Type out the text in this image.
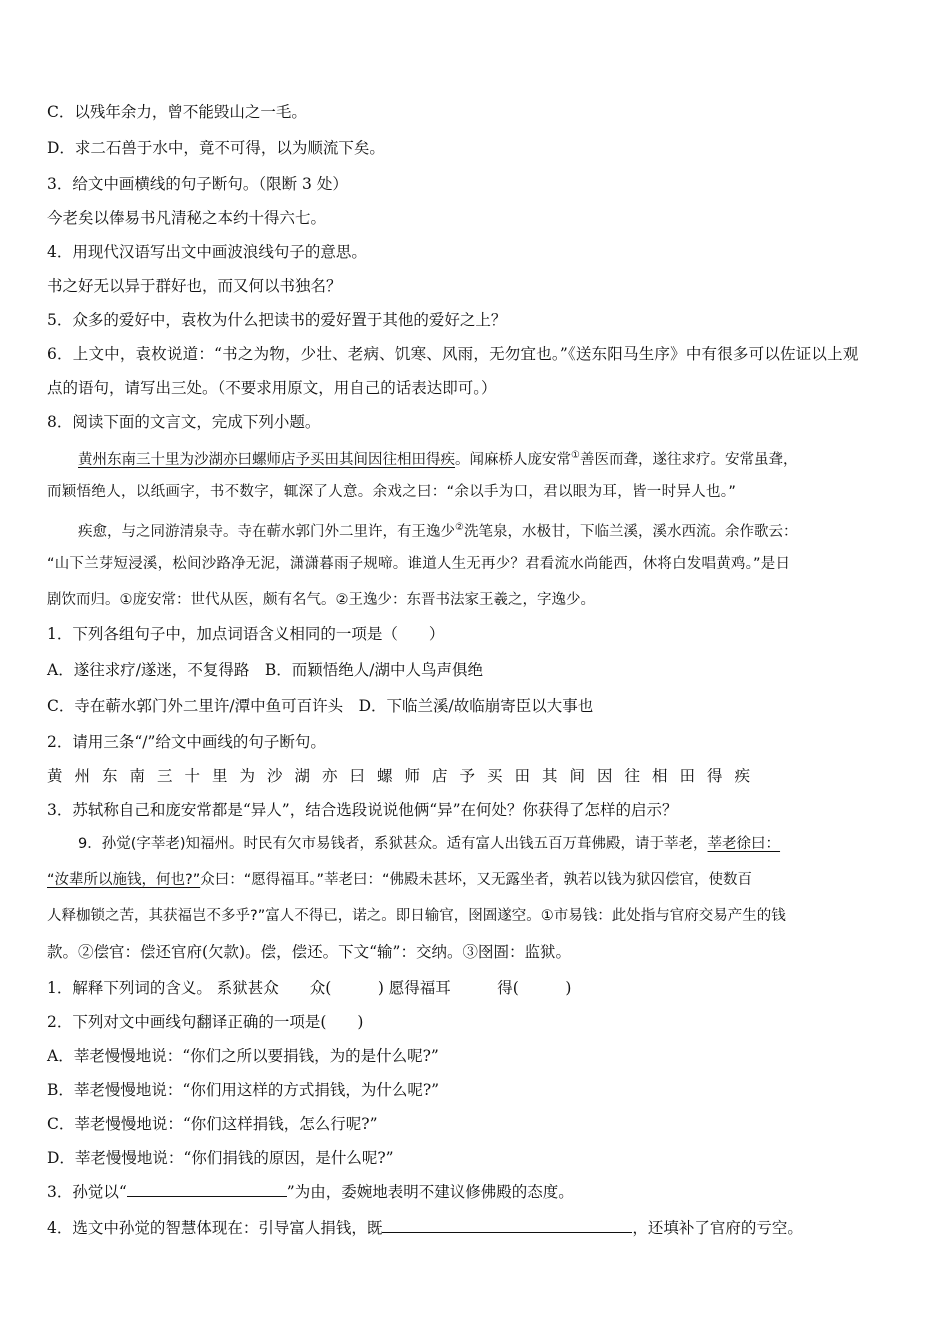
C．以残年余力，曾不能毁山之一毛。
D．求二石兽于水中，竟不可得，以为顺流下矣。
3．给文中画横线的句子断句。（限断 3 处）
今老矣以俸易书凡清秘之本约十得六七。
4．用现代汉语写出文中画波浪线句子的意思。
书之好无以异于群好也，而又何以书独名？
5．众多的爱好中，袁枚为什么把读书的爱好置于其他的爱好之上？
6．上文中，袁枚说道：“书之为物，少壮、老病、饥寒、风雨，无勿宜也。”《送东阳马生序》中有很多可以佐证以上观
点的语句，请写出三处。（不要求用原文，用自己的话表达即可。）
8．阅读下面的文言文，完成下列小题。
黄州东南三十里为沙湖亦曰螺师店予买田其间因往相田得疾。闻麻桥人庞安常①善医而聋，遂往求疗。安常虽聋，
而颖悟绝人，以纸画字，书不数字，辄深了人意。余戏之曰：“余以手为口，君以眼为耳，皆一时异人也。”
疾愈，与之同游清泉寺。寺在蕲水郭门外二里许，有王逸少②洗笔泉，水极甘，下临兰溪，溪水西流。余作歌云：
“山下兰芽短浸溪，松间沙路净无泥，潇潇暮雨子规啼。谁道人生无再少？君看流水尚能西，休将白发唱黄鸡。”是日
剧饮而归。①庞安常：世代从医，颇有名气。②王逸少：东晋书法家王羲之，字逸少。
1．下列各组句子中，加点词语含义相同的一项是（　　）
A．遂往求疗/遂迷，不复得路　B．而颖悟绝人/湖中人鸟声俱绝
C．寺在蕲水郭门外二里许/潭中鱼可百许头　D．下临兰溪/故临崩寄臣以大事也
2．请用三条“/”给文中画线的句子断句。
黄 州 东 南 三 十 里 为 沙 湖 亦 曰 螺 师 店 予 买 田 其 间 因 往 相 田 得 疾
3．苏轼称自己和庞安常都是“异人”，结合选段说说他俩“异”在何处？你获得了怎样的启示？
9．孙觉(字莘老)知福州。时民有欠市易钱者，系狱甚众。适有富人出钱五百万葺佛殿，请于莘老，莘老徐曰：
“汝辈所以施钱，何也?”众曰：“愿得福耳。”莘老曰：“佛殿未甚坏，又无露坐者，孰若以钱为狱囚偿官，使数百
人释枷锁之苦，其获福岂不多乎?”富人不得已，诺之。即日输官，囹圄遂空。①市易钱：此处指与官府交易产生的钱
款。②偿官：偿还官府(欠款)。偿，偿还。下文“输”：交纳。③囹圄：监狱。
1．解释下列词的含义。 系狱甚众　　众(　　　) 愿得福耳　　　得(　　　)
2．下列对文中画线句翻译正确的一项是(　　)
A．莘老慢慢地说：“你们之所以要捐钱，为的是什么呢?”
B．莘老慢慢地说：“你们用这样的方式捐钱，为什么呢?”
C．莘老慢慢地说：“你们这样捐钱，怎么行呢?”
D．莘老慢慢地说：“你们捐钱的原因，是什么呢?”
3．孙觉以“	”为由，委婉地表明不建议修佛殿的态度。
4．选文中孙觉的智慧体现在：引导富人捐钱，既	，还填补了官府的亏空。
